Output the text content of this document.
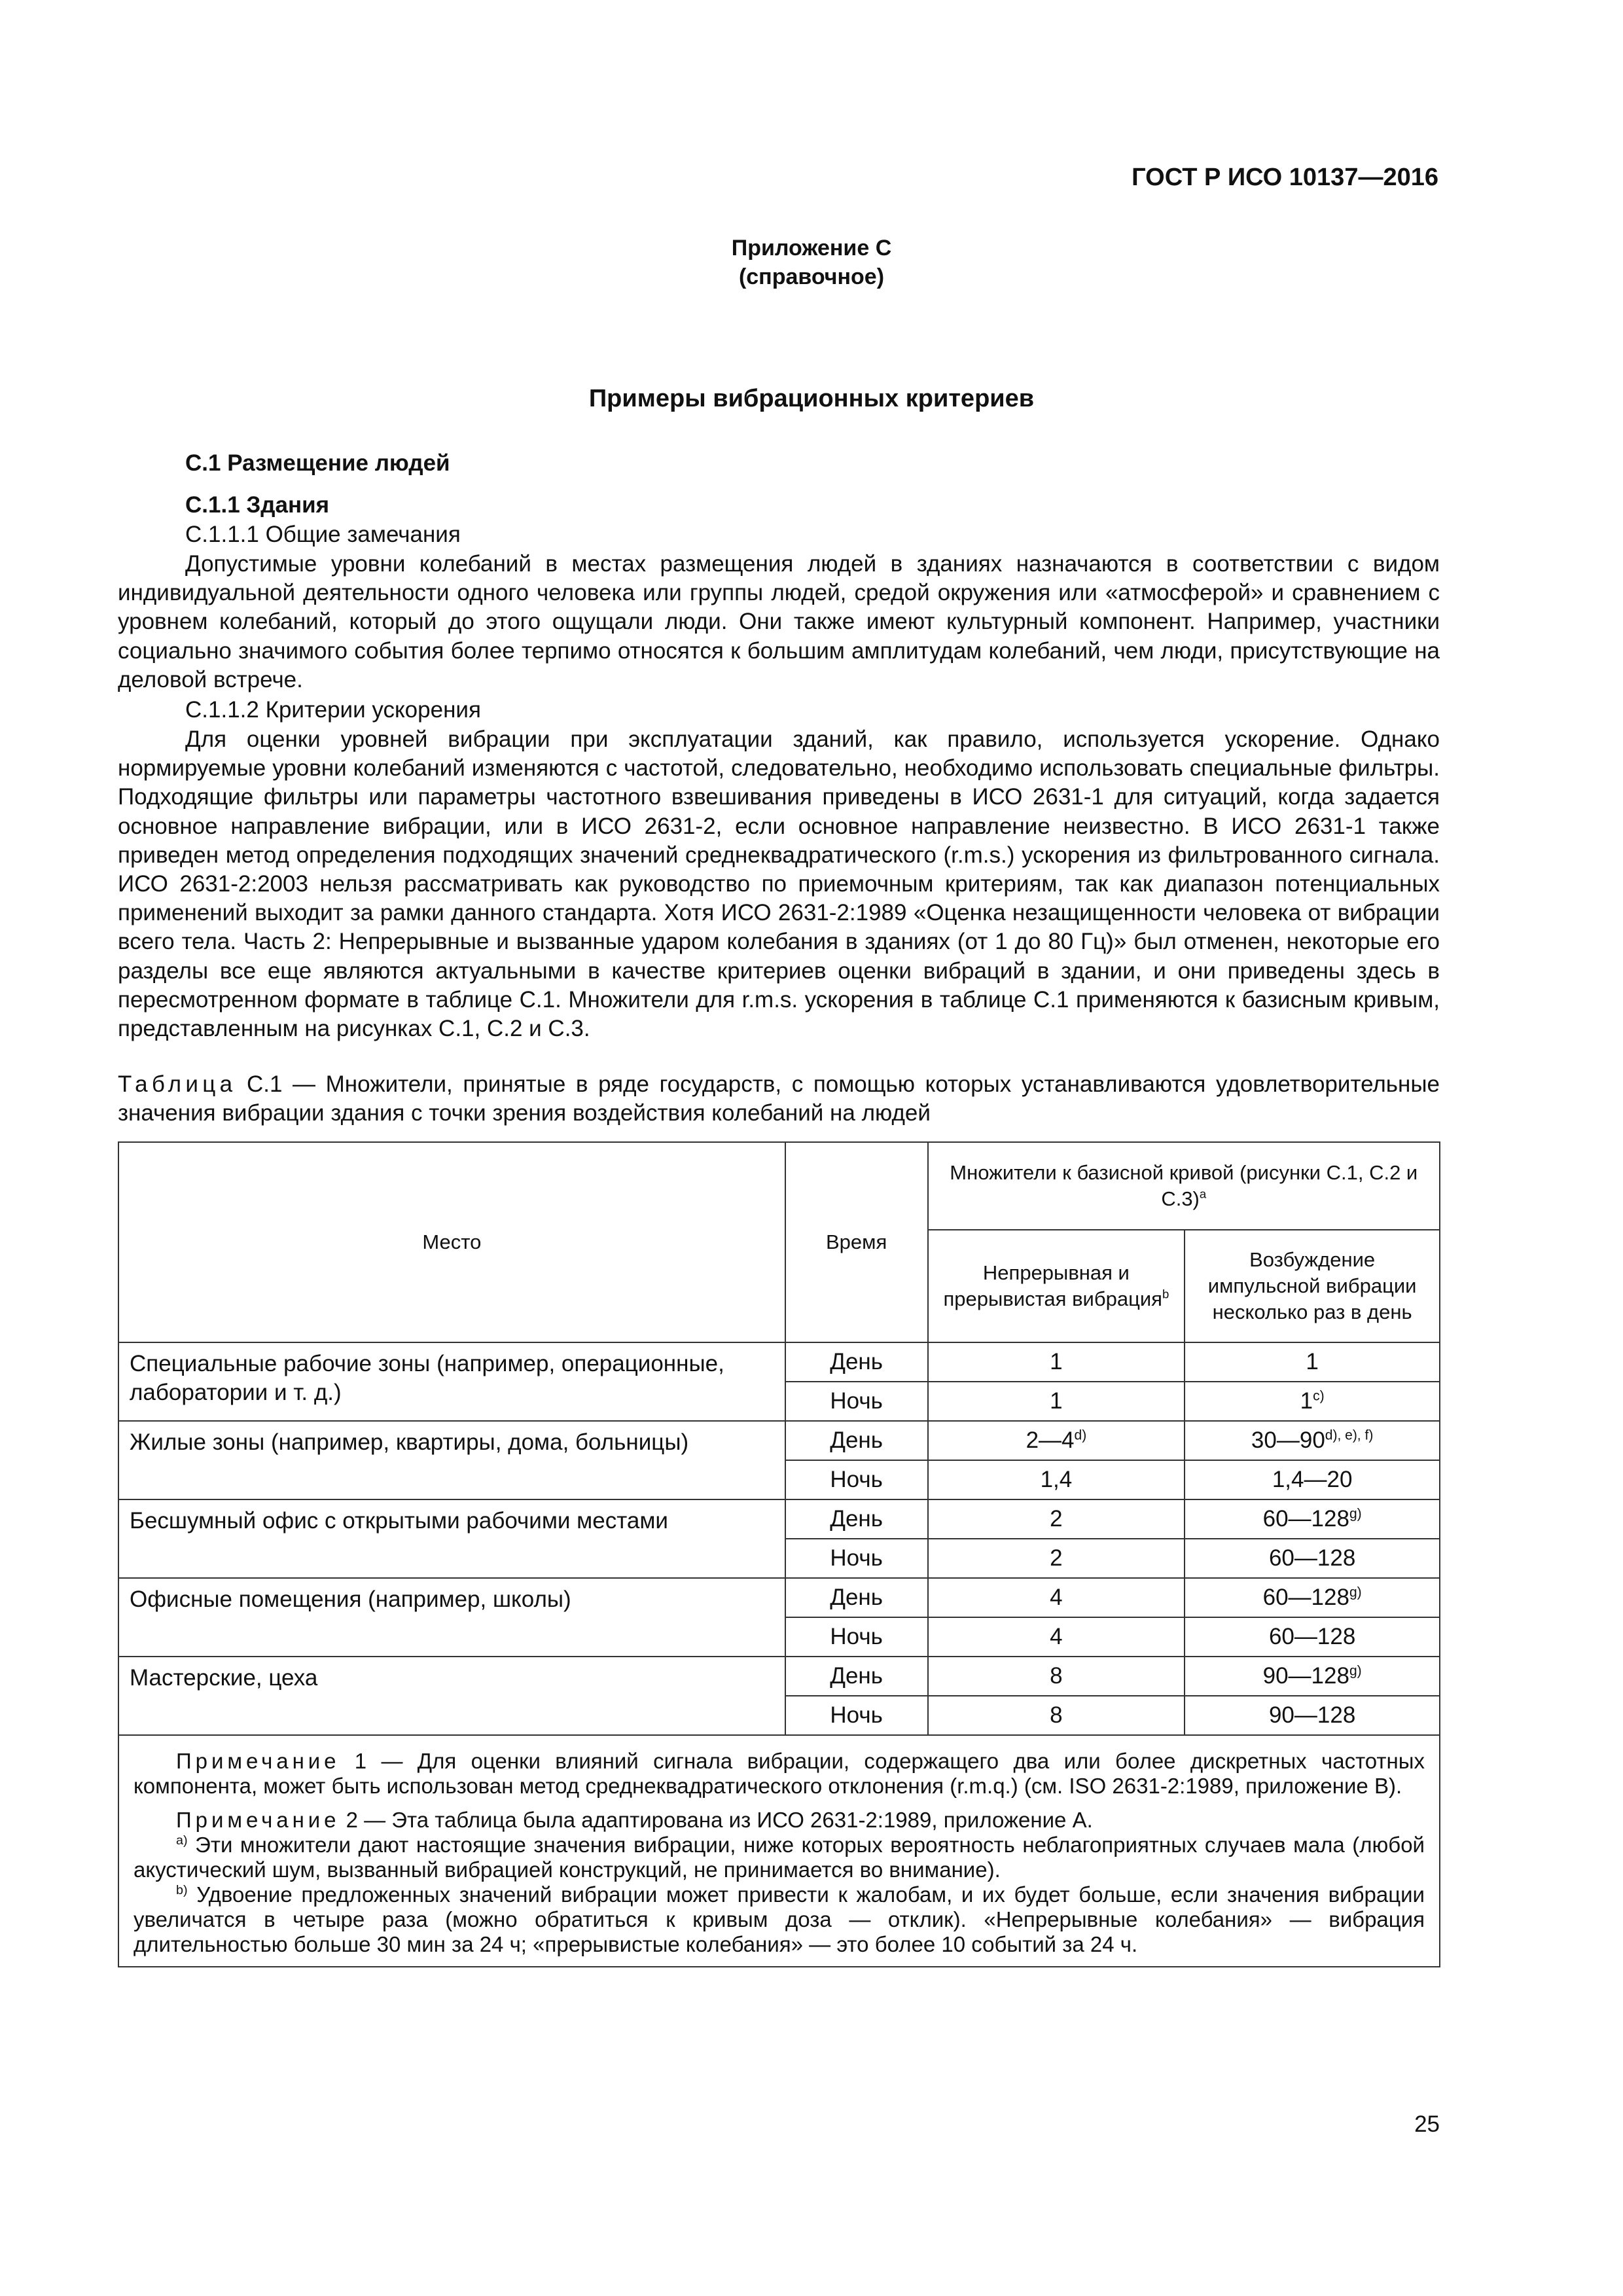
ГОСТ Р ИСО 10137—2016
Приложение С
(справочное)
Примеры вибрационных критериев
С.1 Размещение людей
С.1.1 Здания
С.1.1.1 Общие замечания

Допустимые уровни колебаний в местах размещения людей в зданиях назначаются в соответствии с видом индивидуальной деятельности одного человека или группы людей, средой окружения или «атмосферой» и сравнением с уровнем колебаний, который до этого ощущали люди. Они также имеют культурный компонент. Например, участники социально значимого события более терпимо относятся к большим амплитудам колебаний, чем люди, присутствующие на деловой встрече.

С.1.1.2 Критерии ускорения

Для оценки уровней вибрации при эксплуатации зданий, как правило, используется ускорение. Однако нормируемые уровни колебаний изменяются с частотой, следовательно, необходимо использовать специальные фильтры. Подходящие фильтры или параметры частотного взвешивания приведены в ИСО 2631-1 для ситуаций, когда задается основное направление вибрации, или в ИСО 2631-2, если основное направление неизвестно. В ИСО 2631-1 также приведен метод определения подходящих значений среднеквадратического (r.m.s.) ускорения из фильтрованного сигнала. ИСО 2631-2:2003 нельзя рассматривать как руководство по приемочным критериям, так как диапазон потенциальных применений выходит за рамки данного стандарта. Хотя ИСО 2631-2:1989 «Оценка незащищенности человека от вибрации всего тела. Часть 2: Непрерывные и вызванные ударом колебания в зданиях (от 1 до 80 Гц)» был отменен, некоторые его разделы все еще являются актуальными в качестве критериев оценки вибраций в здании, и они приведены здесь в пересмотренном формате в таблице С.1. Множители для r.m.s. ускорения в таблице С.1 применяются к базисным кривым, представленным на рисунках С.1, С.2 и С.3.

Таблица С.1 — Множители, принятые в ряде государств, с помощью которых устанавливаются удовлетворительные значения вибрации здания с точки зрения воздействия колебаний на людей
Место	Время	Множители к базисной кривой (рисунки С.1, С.2 и С.3)$^a$
		Непрерывная и прерывистая вибрация$^b$	Возбуждение импульсной вибрации несколько раз в день
Специальные рабочие зоны (например, операционные, лаборатории и т. д.)	День	1	1
	Ночь	1	1$^{c)}$
Жилые зоны (например, квартиры, дома, больницы)	День	2—4$^{d)}$	$30—90^{d), e), f)}$
	Ночь	1,4	1,4—20
Бесшумный офис с открытыми рабочими местами	День	2	60—128$^{g)}$
	Ночь	2	60—128
Офисные помещения (например, школы)	День	4	60—128$^{g)}$
	Ночь	4	60—128
Мастерские, цеха	День	8	90—128$^{g)}$
	Ночь	8	90—128

Примечание 1 — Для оценки влияний сигнала вибрации, содержащего два или более дискретных частотных компонента, может быть использован метод среднеквадратического отклонения (r.m.q.) (см. ISO 2631-2:1989, приложение В).

Примечание 2 — Эта таблица была адаптирована из ИСО 2631-2:1989, приложение А.

$^{a)}$ Эти множители дают настоящие значения вибрации, ниже которых вероятность неблагоприятных случаев мала (любой акустический шум, вызванный вибрацией конструкций, не принимается во внимание).

$^{b)}$ Удвоение предложенных значений вибрации может привести к жалобам, и их будет больше, если значения вибрации увеличатся в четыре раза (можно обратиться к кривым доза — отклик). «Непрерывные колебания» — вибрация длительностью больше 30 мин за 24 ч; «прерывистые колебания» — это более 10 событий за 24 ч.			

25
